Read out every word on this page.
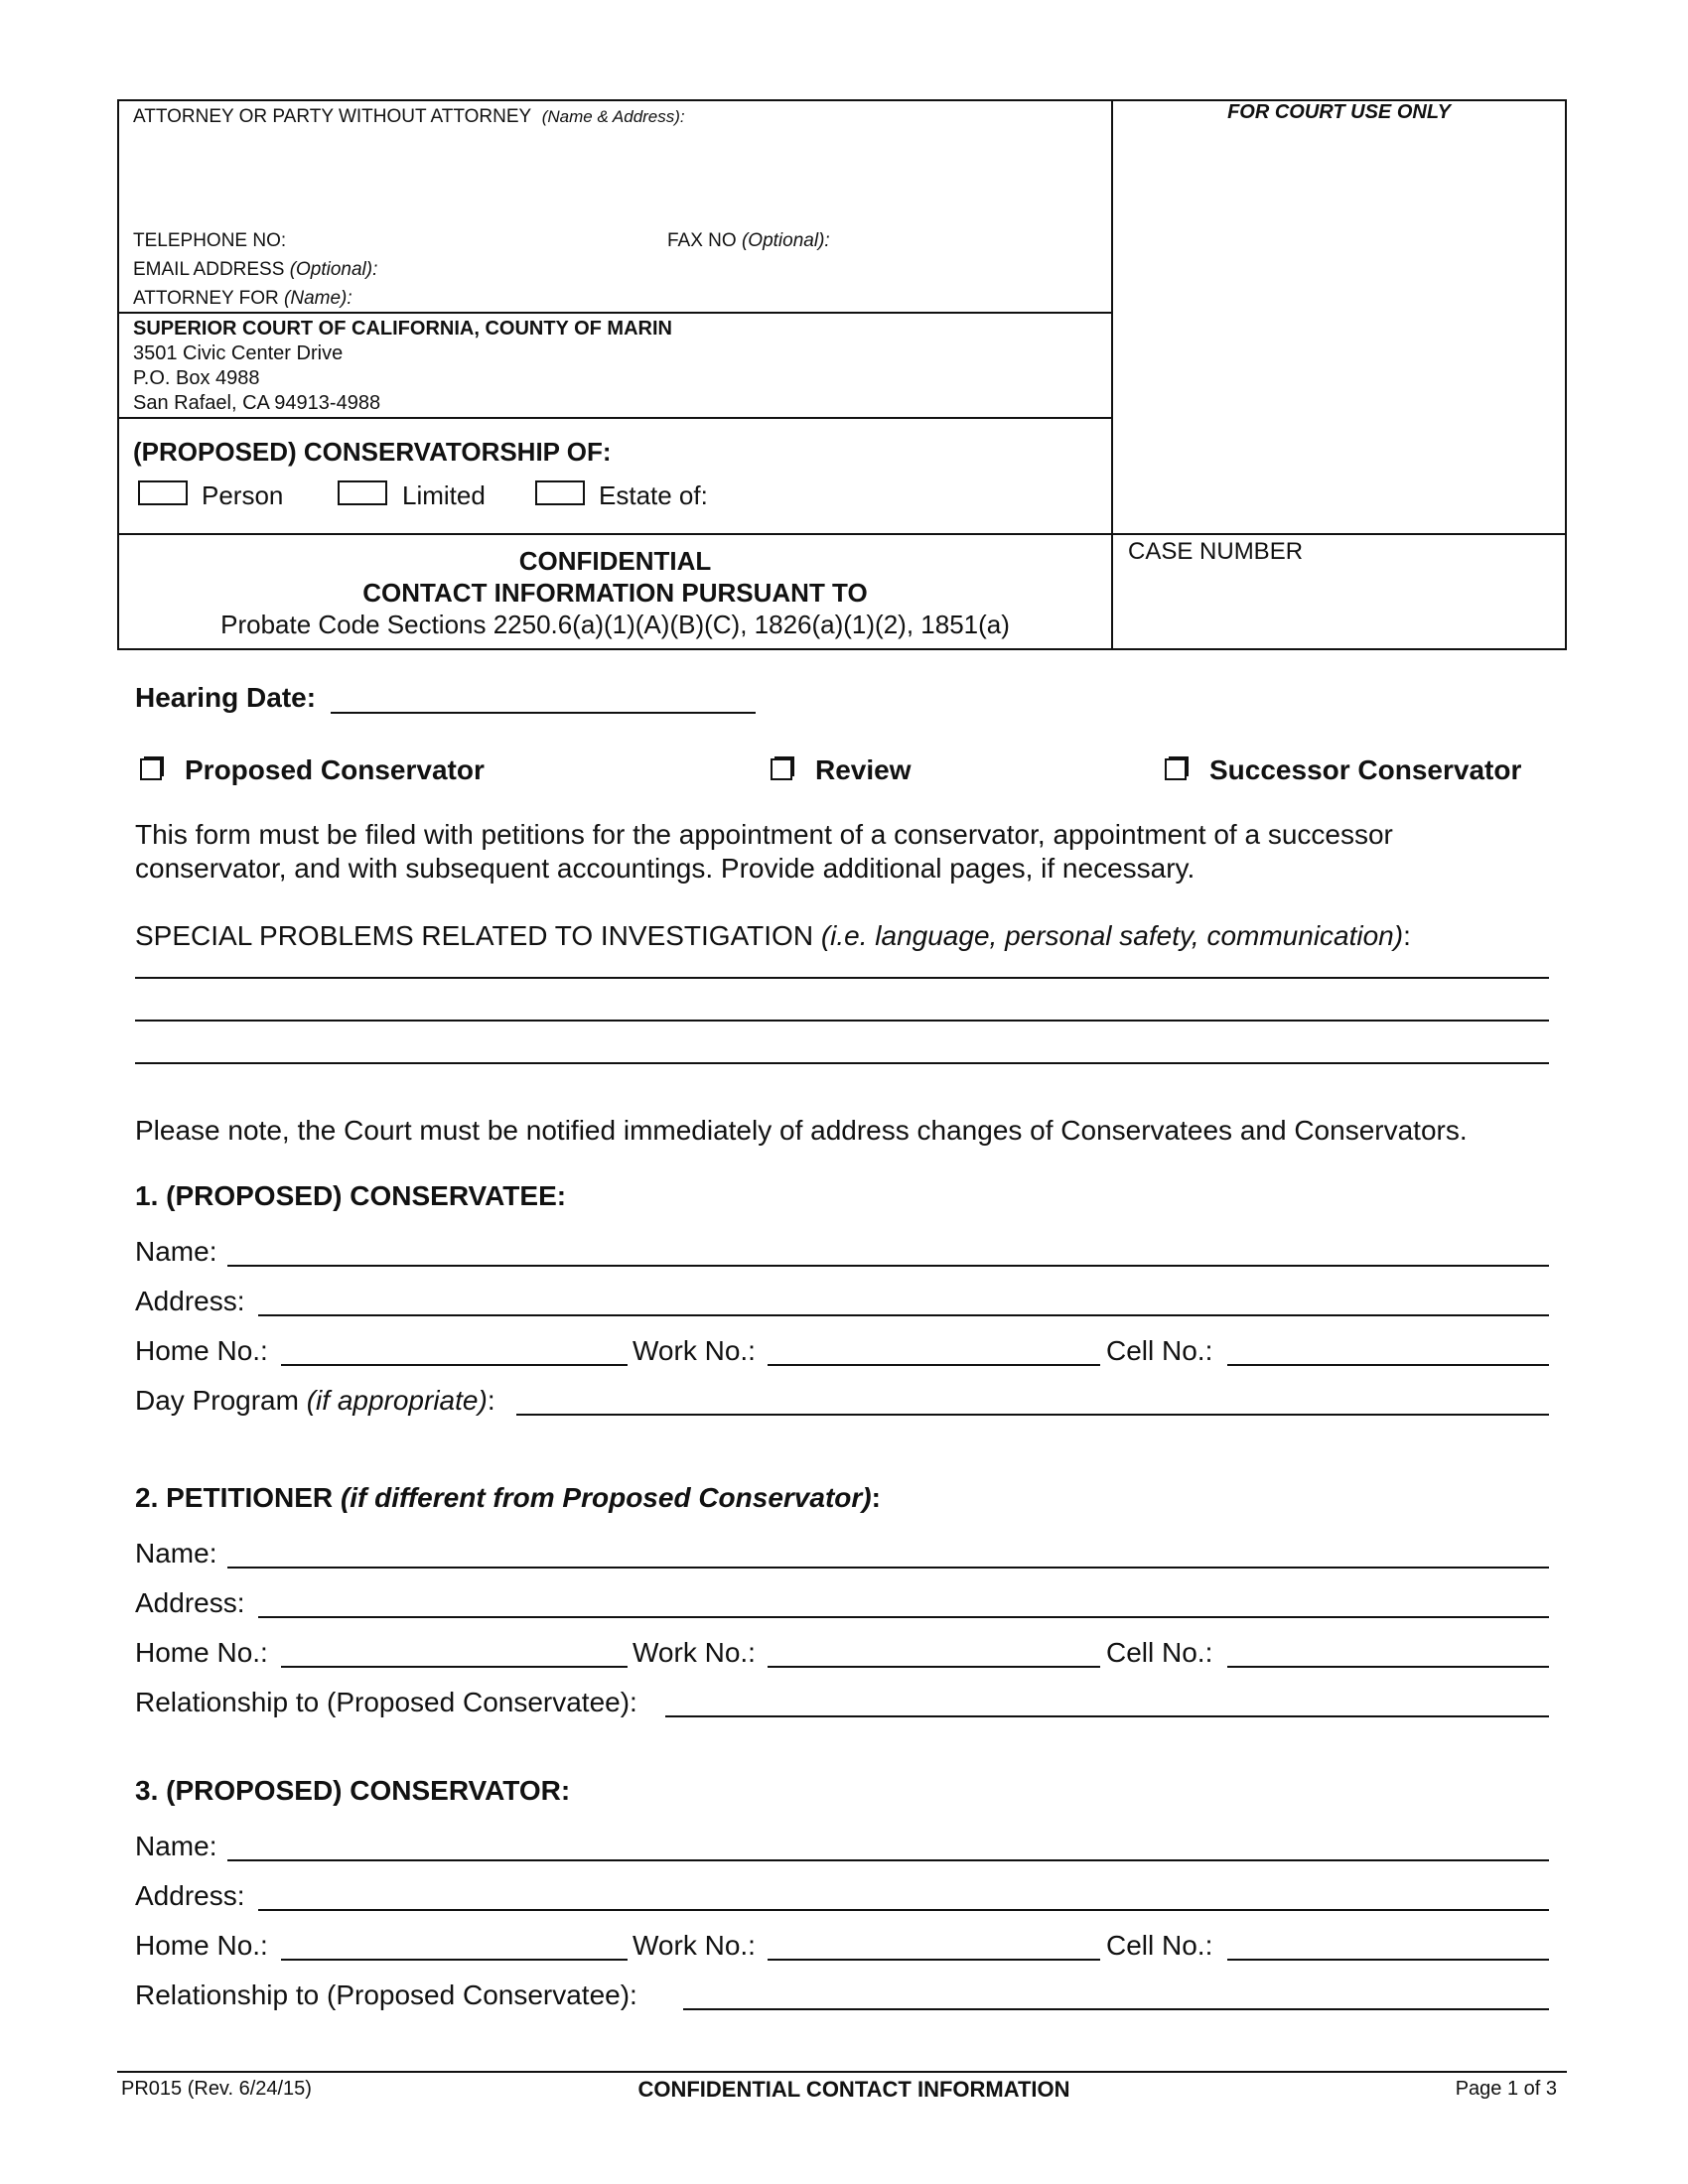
ATTORNEY OR PARTY WITHOUT ATTORNEY (Name & Address):	FOR COURT USE ONLY
TELEPHONE NO:	FAX NO (Optional):
EMAIL ADDRESS (Optional):
ATTORNEY FOR (Name):
SUPERIOR COURT OF CALIFORNIA, COUNTY OF MARIN
3501 Civic Center Drive
P.O. Box 4988
San Rafael, CA 94913-4988
(PROPOSED) CONSERVATORSHIP OF:
Person	Limited	Estate of:
CONFIDENTIAL
CONTACT INFORMATION PURSUANT TO
Probate Code Sections 2250.6(a)(1)(A)(B)(C), 1826(a)(1)(2), 1851(a)
CASE NUMBER
Hearing Date:
Proposed Conservator	Review	Successor Conservator
This form must be filed with petitions for the appointment of a conservator, appointment of a successor conservator, and with subsequent accountings. Provide additional pages, if necessary.
SPECIAL PROBLEMS RELATED TO INVESTIGATION (i.e. language, personal safety, communication):
Please note, the Court must be notified immediately of address changes of Conservatees and Conservators.
1. (PROPOSED) CONSERVATEE:
Name:
Address:
Home No.:	Work No.:	Cell No.:
Day Program (if appropriate):
2. PETITIONER (if different from Proposed Conservator):
Name:
Address:
Home No.:	Work No.:	Cell No.:
Relationship to (Proposed Conservatee):
3. (PROPOSED) CONSERVATOR:
Name:
Address:
Home No.:	Work No.:	Cell No.:
Relationship to (Proposed Conservatee):
PR015 (Rev. 6/24/15)	CONFIDENTIAL CONTACT INFORMATION	Page 1 of 3
